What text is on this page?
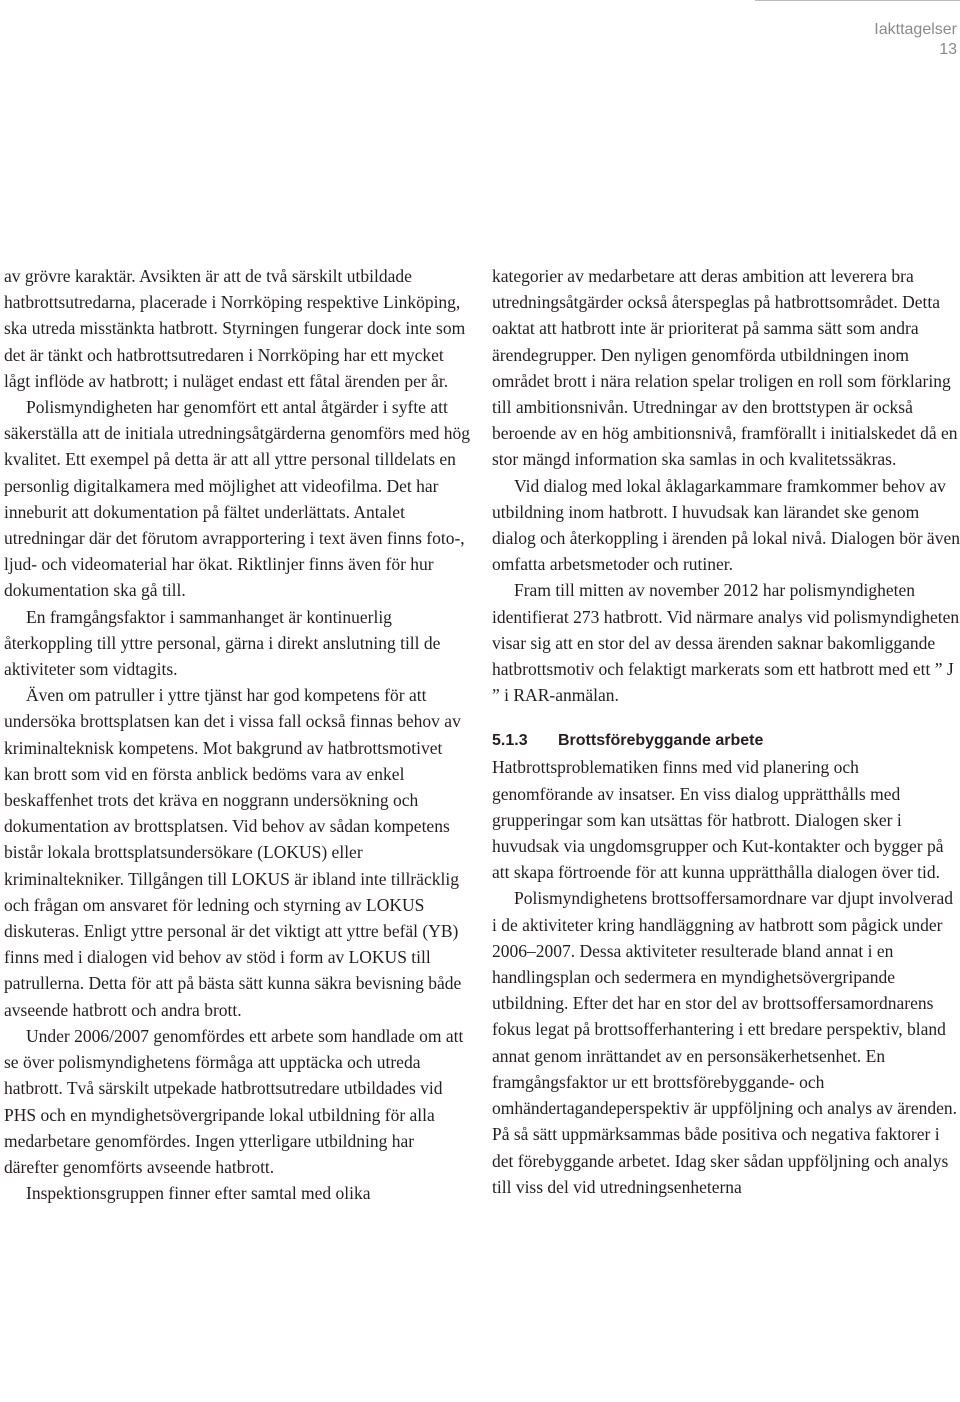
Iakttagelser
13

av grövre karaktär. Avsikten är att de två särskilt utbildade hatbrottsutredarna, placerade i Norrköping respektive Linköping, ska utreda misstänkta hatbrott. Styrningen fungerar dock inte som det är tänkt och hatbrottsutredaren i Norrköping har ett mycket lågt inflöde av hatbrott; i nuläget endast ett fåtal ärenden per år.

Polismyndigheten har genomfört ett antal åtgärder i syfte att säkerställa att de initiala utredningsåtgärderna genomförs med hög kvalitet. Ett exempel på detta är att all yttre personal tilldelats en personlig digitalkamera med möjlighet att videofilma. Det har inneburit att dokumentation på fältet underlättats. Antalet utredningar där det förutom avrapportering i text även finns foto-, ljud- och videomaterial har ökat. Riktlinjer finns även för hur dokumentation ska gå till.

En framgångsfaktor i sammanhanget är kontinuerlig återkoppling till yttre personal, gärna i direkt anslutning till de aktiviteter som vidtagits.

Även om patruller i yttre tjänst har god kompetens för att undersöka brottsplatsen kan det i vissa fall också finnas behov av kriminalteknisk kompetens. Mot bakgrund av hatbrottsmotivet kan brott som vid en första anblick bedöms vara av enkel beskaffenhet trots det kräva en noggrann undersökning och dokumentation av brottsplatsen. Vid behov av sådan kompetens bistår lokala brottsplatsundersökare (LOKUS) eller kriminaltekniker. Tillgången till LOKUS är ibland inte tillräcklig och frågan om ansvaret för ledning och styrning av LOKUS diskuteras. Enligt yttre personal är det viktigt att yttre befäl (YB) finns med i dialogen vid behov av stöd i form av LOKUS till patrullerna. Detta för att på bästa sätt kunna säkra bevisning både avseende hatbrott och andra brott.

Under 2006/2007 genomfördes ett arbete som handlade om att se över polismyndighetens förmåga att upptäcka och utreda hatbrott. Två särskilt utpekade hatbrottsutredare utbildades vid PHS och en myndighetsövergripande lokal utbildning för alla medarbetare genomfördes. Ingen ytterligare utbildning har därefter genomförts avseende hatbrott.

Inspektionsgruppen finner efter samtal med olika

kategorier av medarbetare att deras ambition att leverera bra utredningsåtgärder också återspeglas på hatbrottsområdet. Detta oaktat att hatbrott inte är prioriterat på samma sätt som andra ärendegrupper. Den nyligen genomförda utbildningen inom området brott i nära relation spelar troligen en roll som förklaring till ambitionsnivån. Utredningar av den brottstypen är också beroende av en hög ambitionsnivå, framförallt i initialskedet då en stor mängd information ska samlas in och kvalitetssäkras.

Vid dialog med lokal åklagarkammare framkommer behov av utbildning inom hatbrott. I huvudsak kan lärandet ske genom dialog och återkoppling i ärenden på lokal nivå. Dialogen bör även omfatta arbetsmetoder och rutiner.

Fram till mitten av november 2012 har polismyndigheten identifierat 273 hatbrott. Vid närmare analys vid polismyndigheten visar sig att en stor del av dessa ärenden saknar bakomliggande hatbrottsmotiv och felaktigt markerats som ett hatbrott med ett ” J ” i RAR-anmälan.

5.1.3 Brottsförebyggande arbete

Hatbrottsproblematiken finns med vid planering och genomförande av insatser. En viss dialog upprätthålls med grupperingar som kan utsättas för hatbrott. Dialogen sker i huvudsak via ungdomsgrupper och Kut-kontakter och bygger på att skapa förtroende för att kunna upprätthålla dialogen över tid.

Polismyndighetens brottsoffersamordnare var djupt involverad i de aktiviteter kring handläggning av hatbrott som pågick under 2006–2007. Dessa aktiviteter resulterade bland annat i en handlingsplan och sedermera en myndighetsövergripande utbildning. Efter det har en stor del av brottsoffersamordnarens fokus legat på brottsofferhantering i ett bredare perspektiv, bland annat genom inrättandet av en personsäkerhetsenhet. En framgångsfaktor ur ett brottsförebyggande- och omhändertagandeperspektiv är uppföljning och analys av ärenden. På så sätt uppmärksammas både positiva och negativa faktorer i det förebyggande arbetet. Idag sker sådan uppföljning och analys till viss del vid utredningsenheterna
